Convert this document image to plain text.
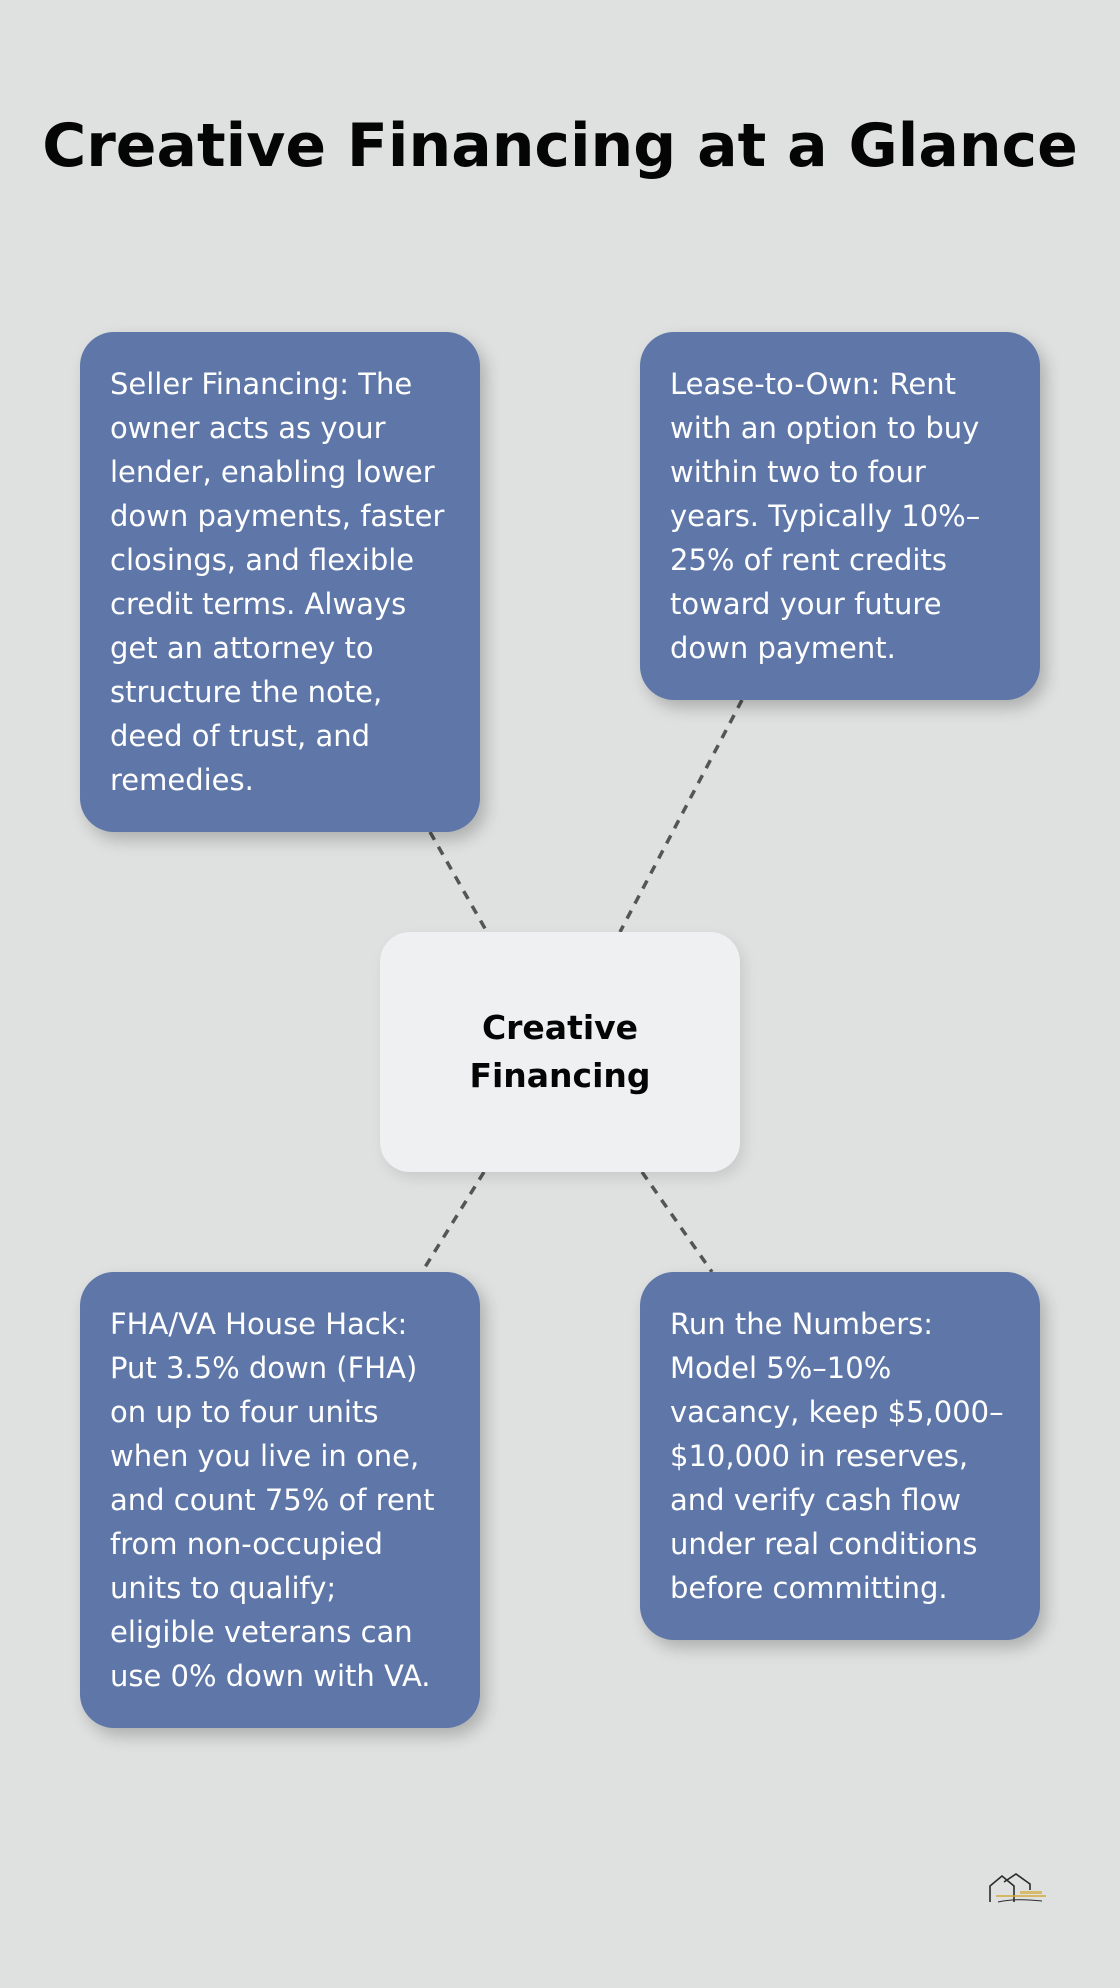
Creative Financing at a Glance
Seller Financing: The owner acts as your lender, enabling lower down payments, faster closings, and flexible credit terms. Always get an attorney to structure the note, deed of trust, and remedies.
Lease-to-Own: Rent with an option to buy within two to four years. Typically 10%–25% of rent credits toward your future down payment.
Creative Financing
FHA/VA House Hack: Put 3.5% down (FHA) on up to four units when you live in one, and count 75% of rent from non-occupied units to qualify; eligible veterans can use 0% down with VA.
Run the Numbers: Model 5%–10% vacancy, keep $5,000–$10,000 in reserves, and verify cash flow under real conditions before committing.
